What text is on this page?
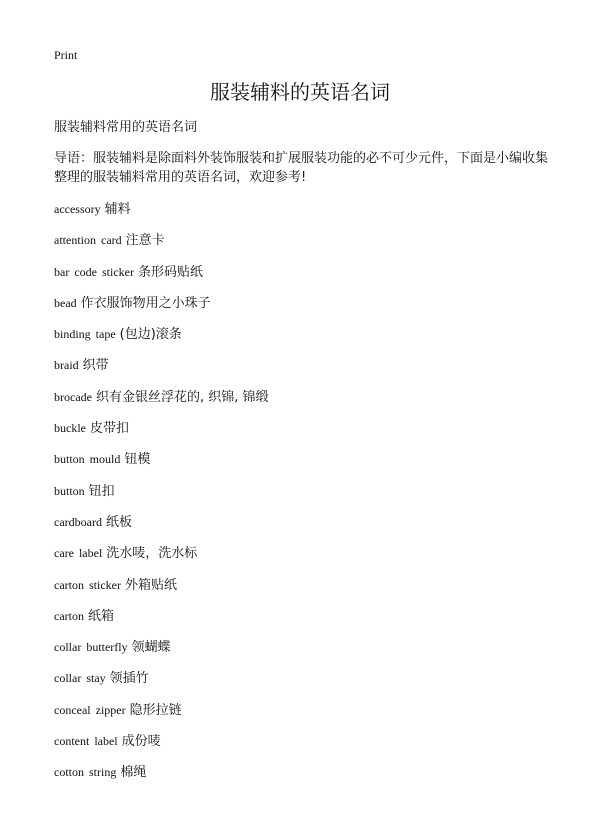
Print
服装辅料的英语名词
服装辅料常用的英语名词
导语：服装辅料是除面料外装饰服装和扩展服装功能的必不可少元件，下面是小编收集整理的服装辅料常用的英语名词，欢迎参考!
accessory 辅料
attention card 注意卡
bar code sticker 条形码贴纸
bead 作衣服饰物用之小珠子
binding tape (包边)滚条
braid 织带
brocade 织有金银丝浮花的, 织锦, 锦缎
buckle 皮带扣
button mould 钮模
button 钮扣
cardboard 纸板
care label 洗水唛，洗水标
carton sticker 外箱贴纸
carton 纸箱
collar butterfly 领蝴蝶
collar stay 领插竹
conceal zipper 隐形拉链
content label 成份唛
cotton string 棉绳
